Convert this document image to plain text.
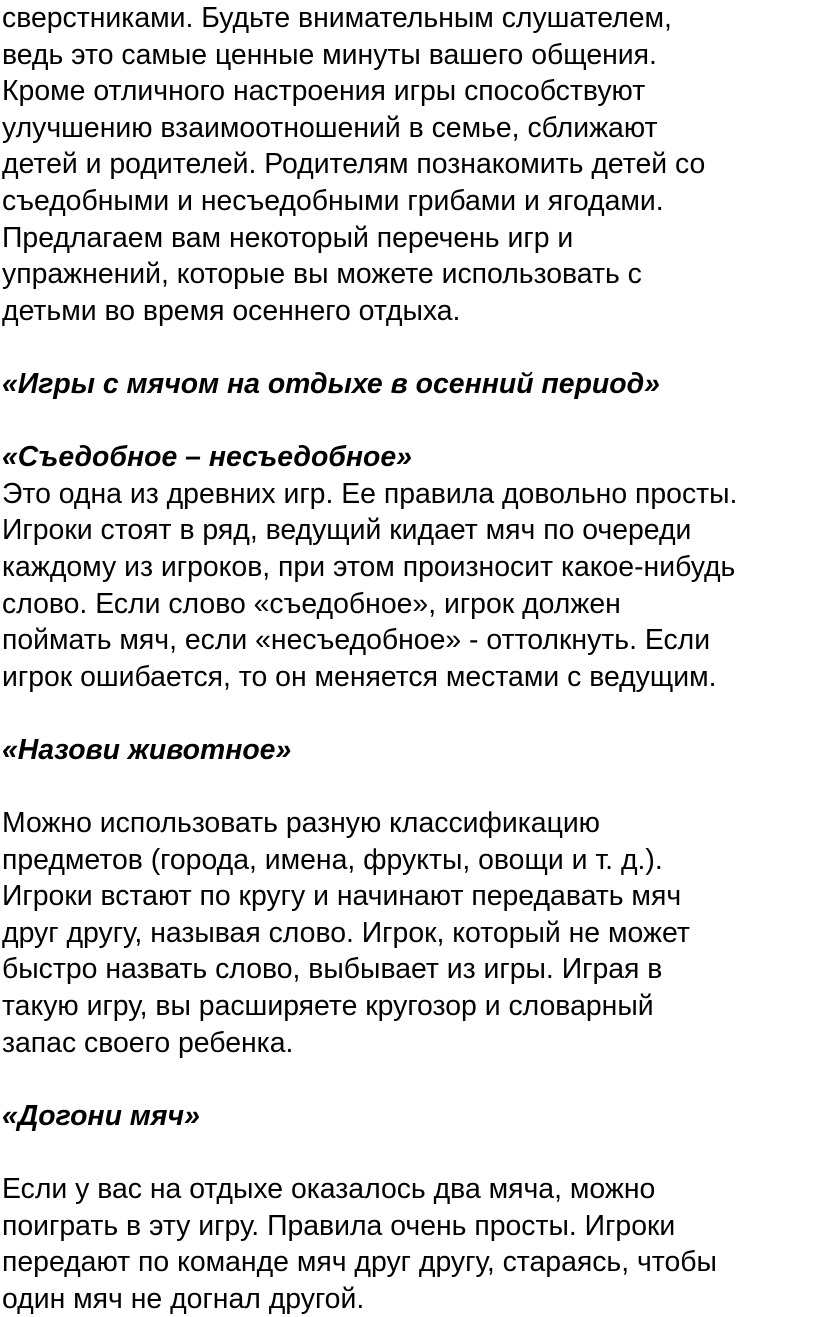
сверстниками. Будьте внимательным слушателем,
ведь это самые ценные минуты вашего общения.
Кроме отличного настроения игры способствуют
улучшению взаимоотношений в семье, сближают
детей и родителей. Родителям познакомить детей со
съедобными и несъедобными грибами и ягодами.
Предлагаем вам некоторый перечень игр и
упражнений, которые вы можете использовать с
детьми во время осеннего отдыха.
«Игры с мячом на отдыхе в осенний период»
«Съедобное – несъедобное»
Это одна из древних игр. Ее правила довольно просты.
Игроки стоят в ряд, ведущий кидает мяч по очереди
каждому из игроков, при этом произносит какое-нибудь
слово. Если слово «съедобное», игрок должен
поймать мяч, если «несъедобное» - оттолкнуть. Если
игрок ошибается, то он меняется местами с ведущим.
«Назови животное»
Можно использовать разную классификацию
предметов (города, имена, фрукты, овощи и т. д.).
Игроки встают по кругу и начинают передавать мяч
друг другу, называя слово. Игрок, который не может
быстро назвать слово, выбывает из игры. Играя в
такую игру, вы расширяете кругозор и словарный
запас своего ребенка.
«Догони мяч»
Если у вас на отдыхе оказалось два мяча, можно
поиграть в эту игру. Правила очень просты. Игроки
передают по команде мяч друг другу, стараясь, чтобы
один мяч не догнал другой.
